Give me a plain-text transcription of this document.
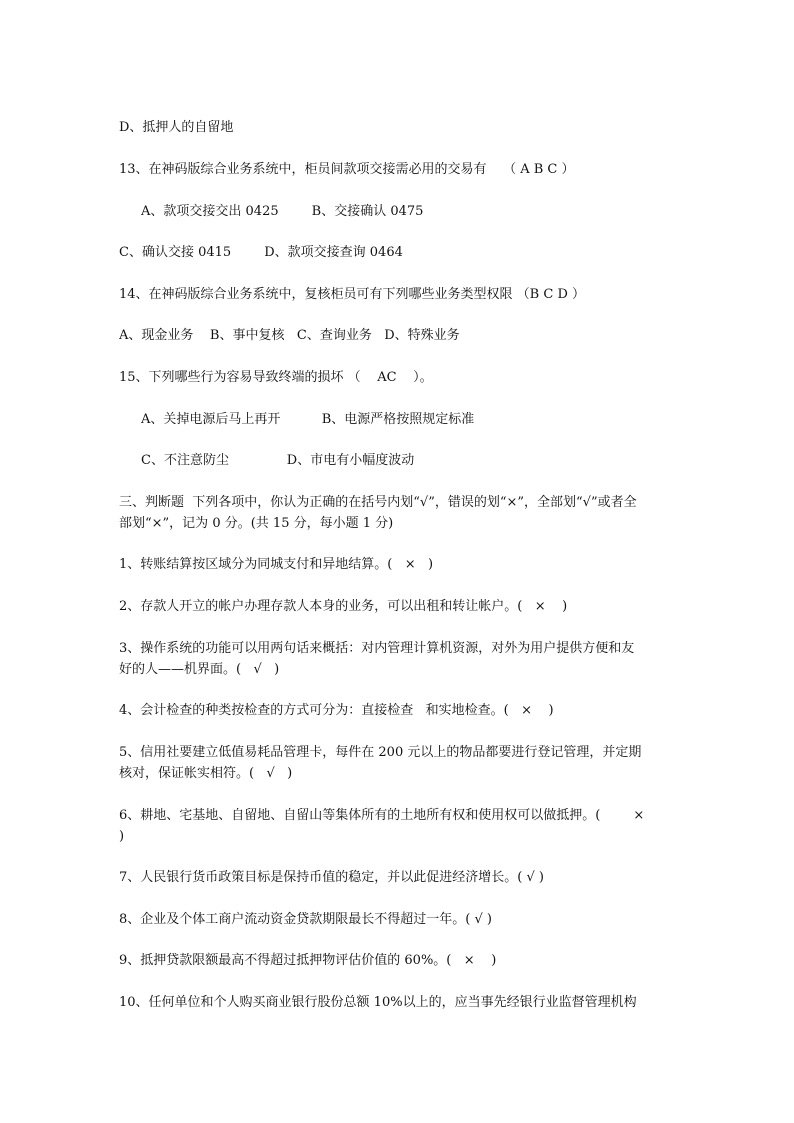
D、抵押人的自留地
13、在神码版综合业务系统中，柜员间款项交接需必用的交易有    （ A B C ）
A、款项交接交出 0425        B、交接确认 0475
C、确认交接 0415        D、款项交接查询 0464
14、在神码版综合业务系统中，复核柜员可有下列哪些业务类型权限 （B C D ）
A、现金业务    B、事中复核   C、查询业务   D、特殊业务
15、下列哪些行为容易导致终端的损坏 （    AC    ）。
A、关掉电源后马上再开          B、电源严格按照规定标准
C、不注意防尘              D、市电有小幅度波动
三、判断题  下列各项中，你认为正确的在括号内划“√”，错误的划“×”，全部划“√”或者全
部划“×”，记为 0 分。(共 15 分，每小题 1 分)
1、转账结算按区域分为同城支付和异地结算。(   ×   )
2、存款人开立的帐户办理存款人本身的业务，可以出租和转让帐户。(   ×    )
3、操作系统的功能可以用两句话来概括：对内管理计算机资源，对外为用户提供方便和友
好的人——机界面。(   √   )
4、会计检查的种类按检查的方式可分为：直接检查   和实地检查。(   ×    )
5、信用社要建立低值易耗品管理卡，每件在 200 元以上的物品都要进行登记管理，并定期
核对，保证帐实相符。(   √   )
6、耕地、宅基地、自留地、自留山等集体所有的土地所有权和使用权可以做抵押。(        ×
)
7、人民银行货币政策目标是保持币值的稳定，并以此促进经济增长。( √ )
8、企业及个体工商户流动资金贷款期限最长不得超过一年。( √ )
9、抵押贷款限额最高不得超过抵押物评估价值的 60%。(   ×    )
10、任何单位和个人购买商业银行股份总额 10%以上的，应当事先经银行业监督管理机构
